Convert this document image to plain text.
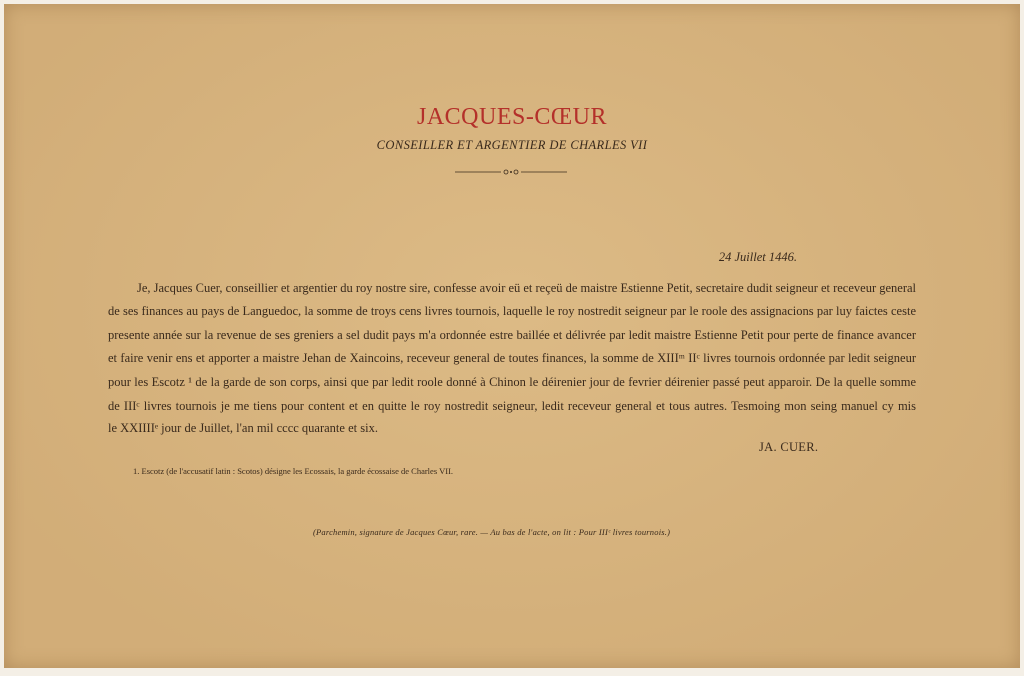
JACQUES-CŒUR
CONSEILLER ET ARGENTIER DE CHARLES VII
24 Juillet 1446.
Je, Jacques Cuer, conseillier et argentier du roy nostre sire, confesse avoir eü et reçeü de maistre Estienne Petit, secretaire dudit seigneur et receveur general
de ses finances au pays de Languedoc, la somme de troys cens livres tournois, laquelle le roy nostredit seigneur par le roole des assignacions par luy faictes ceste
presente année sur la revenue de ses greniers a sel dudit pays m'a ordonnée estre baillée et délivrée par ledit maistre Estienne Petit pour perte de finance avancer
et faire venir ens et apporter a maistre Jehan de Xaincoins, receveur general de toutes finances, la somme de XIIIᵐ IIᶜ livres tournois ordonnée par ledit seigneur
pour les Escotz ¹ de la garde de son corps, ainsi que par ledit roole donné à Chinon le déirenier jour de fevrier déirenier passé peut apparoir. De la quelle somme
de IIIᶜ livres tournois je me tiens pour content et en quitte le roy nostredit seigneur, ledit receveur general et tous autres. Tesmoing mon seing manuel cy mis
le XXIIIIᵉ jour de Juillet, l'an mil cccc quarante et six.
JA. CUER.
1. Escotz (de l'accusatif latin : Scotos) désigne les Ecossais, la garde écossaise de Charles VII.
(Parchemin, signature de Jacques Cœur, rare. — Au bas de l'acte, on lit : Pour IIIᶜ livres tournois.)
